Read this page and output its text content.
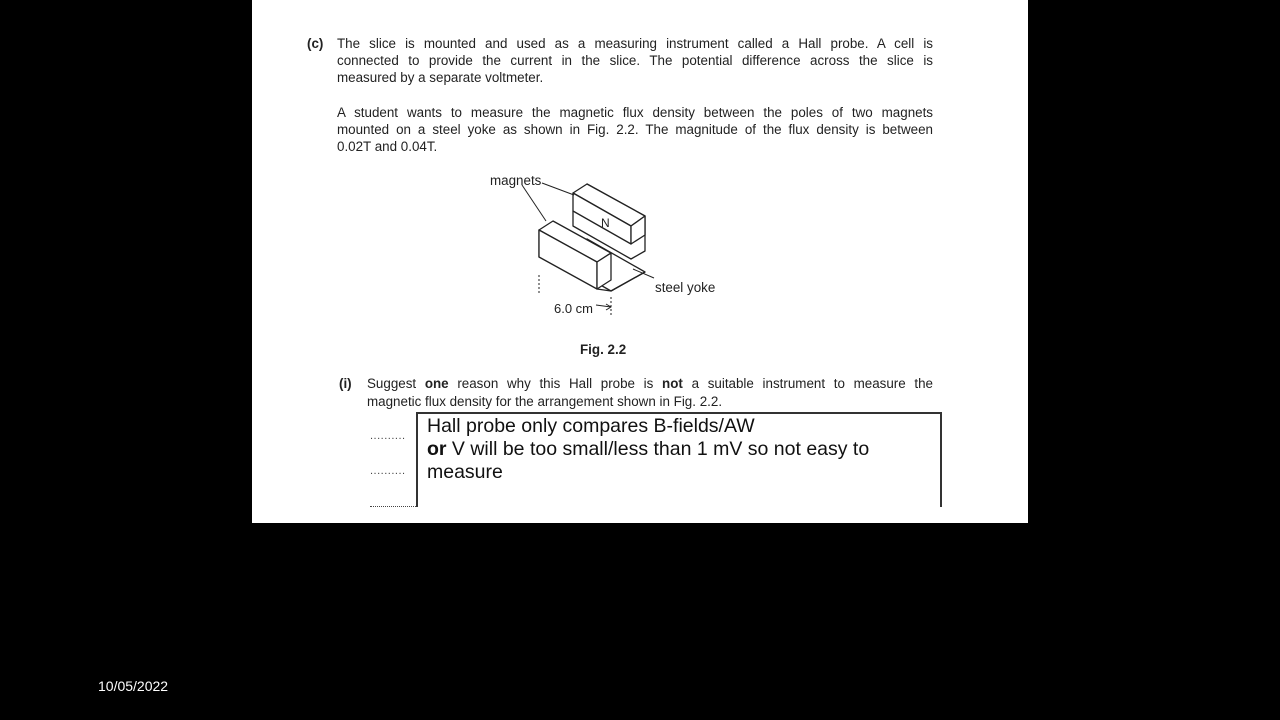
(c) The slice is mounted and used as a measuring instrument called a Hall probe. A cell is
connected to provide the current in the slice. The potential difference across the slice is
measured by a separate voltmeter.
A student wants to measure the magnetic flux density between the poles of two magnets
mounted on a steel yoke as shown in Fig. 2.2. The magnitude of the flux density is between
0.02T and 0.04T.
magnets
N
steel yoke
6.0 cm
Fig. 2.2
(i) Suggest one reason why this Hall probe is not a suitable instrument to measure the
magnetic flux density for the arrangement shown in Fig. 2.2.
..........
..........
Hall probe only compares B-fields/AW
or V will be too small/less than 1 mV so not easy to
measure
10/05/2022
